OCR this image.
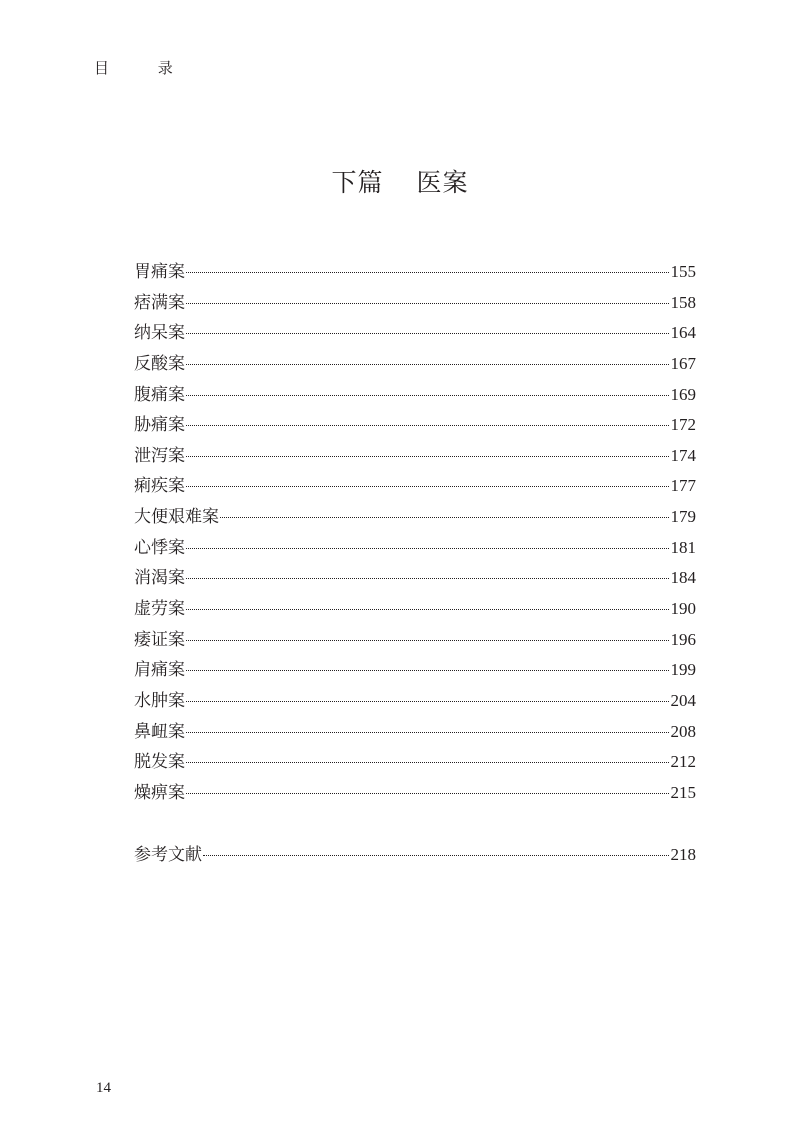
目 录
下篇 医案
胃痛案	155
痞满案	158
纳呆案	164
反酸案	167
腹痛案	169
胁痛案	172
泄泻案	174
痢疾案	177
大便艰难案	179
心悸案	181
消渴案	184
虚劳案	190
痿证案	196
肩痛案	199
水肿案	204
鼻衄案	208
脱发案	212
燥痹案	215
参考文献	218
14
